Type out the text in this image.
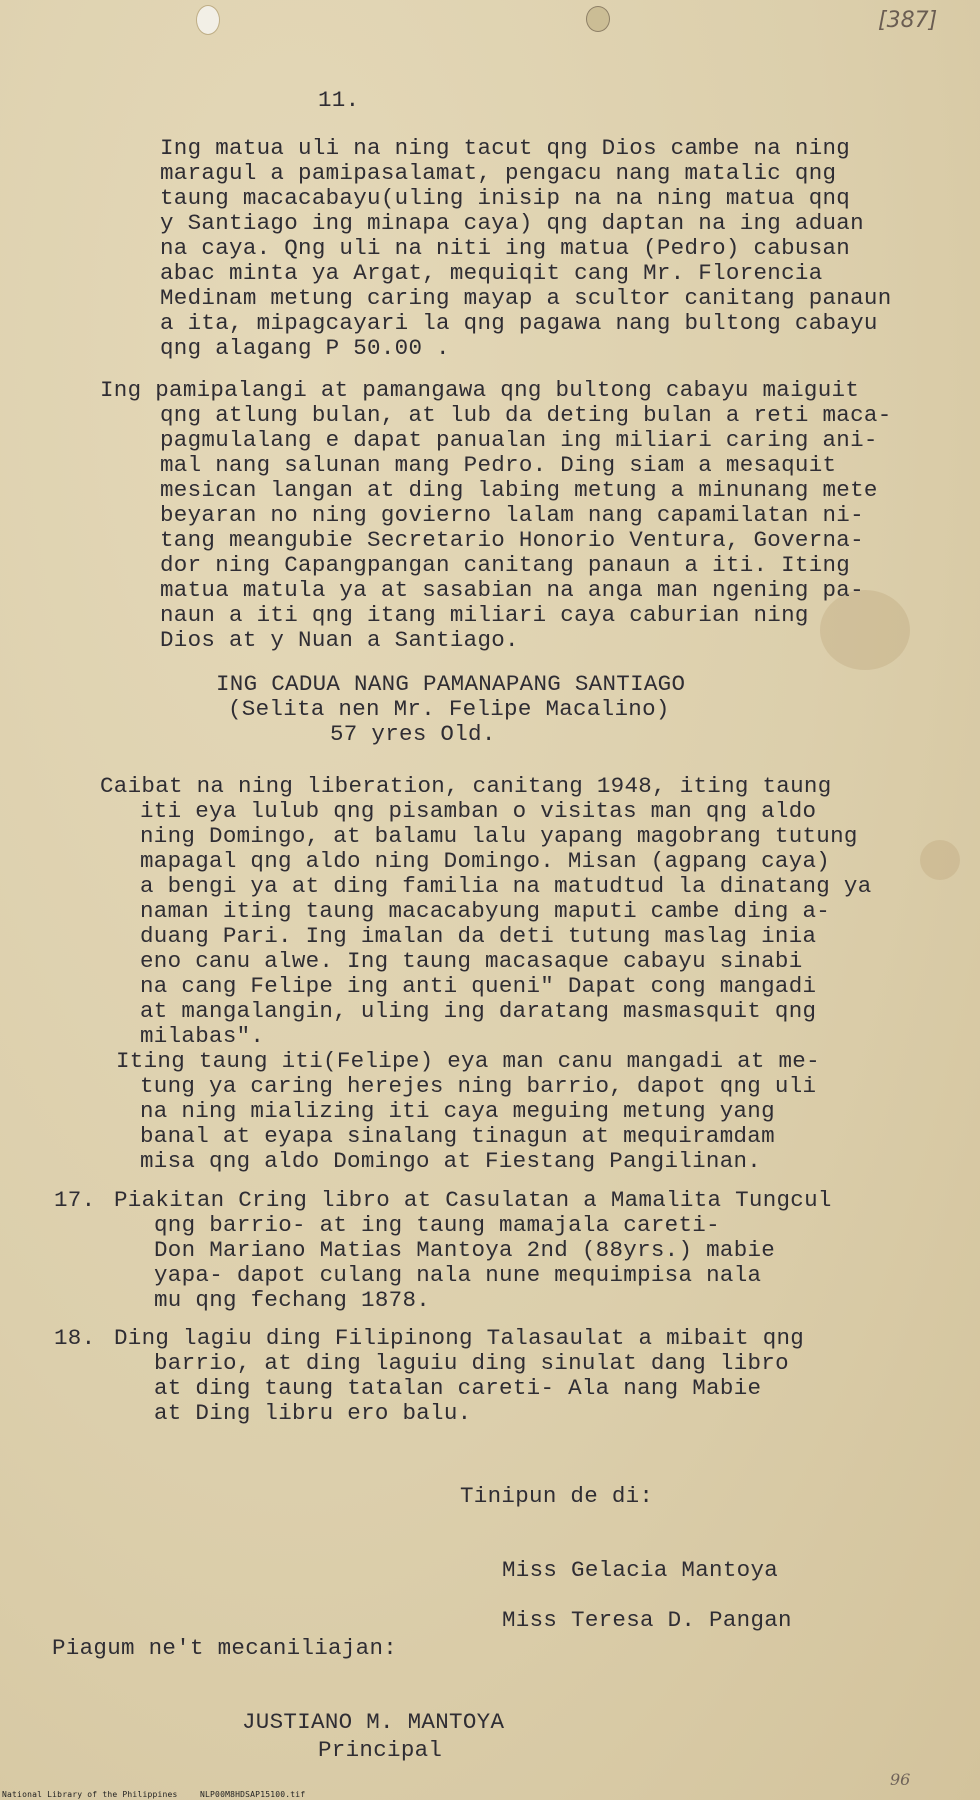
[387]
11.
Ing matua uli na ning tacut qng Dios cambe na ning
maragul a pamipasalamat, pengacu nang matalic qng
taung macacabayu(uling inisip na na ning matua qnq
y Santiago ing minapa caya) qng daptan na ing aduan
na caya. Qng uli na niti ing matua (Pedro) cabusan
abac minta ya Argat, mequiqit cang Mr. Florencia
Medinam metung caring mayap a scultor canitang panaun
a ita, mipagcayari la qng pagawa nang bultong cabayu
qng alagang P 50.00 .
Ing pamipalangi at pamangawa qng bultong cabayu maiguit
qng atlung bulan, at lub da deting bulan a reti maca-
pagmulalang e dapat panualan ing miliari caring ani-
mal nang salunan mang Pedro. Ding siam a mesaquit
mesican langan at ding labing metung a minunang mete
beyaran no ning govierno lalam nang capamilatan ni-
tang meangubie Secretario Honorio Ventura, Governa-
dor ning Capangpangan canitang panaun a iti. Iting
matua matula ya at sasabian na anga man ngening pa-
naun a iti qng itang miliari caya caburian ning
Dios at y Nuan a Santiago.
ING CADUA NANG PAMANAPANG SANTIAGO
(Selita nen Mr. Felipe Macalino)
57 yres Old.
Caibat na ning liberation, canitang 1948, iting taung
iti eya lulub qng pisamban o visitas man qng aldo
ning Domingo, at balamu lalu yapang magobrang tutung
mapagal qng aldo ning Domingo. Misan (agpang caya)
a bengi ya at ding familia na matudtud la dinatang ya
naman iting taung macacabyung maputi cambe ding a-
duang Pari. Ing imalan da deti tutung maslag inia
eno canu alwe. Ing taung macasaque cabayu sinabi
na cang Felipe ing anti queni" Dapat cong mangadi
at mangalangin, uling ing daratang masmasquit qng
milabas".
Iting taung iti(Felipe) eya man canu mangadi at me-
tung ya caring herejes ning barrio, dapot qng uli
na ning mializing iti caya meguing metung yang
banal at eyapa sinalang tinagun at mequiramdam
misa qng aldo Domingo at Fiestang Pangilinan.
17. Piakitan Cring libro at Casulatan a Mamalita Tungcul
qng barrio- at ing taung mamajala careti-
Don Mariano Matias Mantoya 2nd (88yrs.) mabie
yapa- dapot culang nala nune mequimpisa nala
mu qng fechang 1878.
18. Ding lagiu ding Filipinong Talasaulat a mibait qng
barrio, at ding laguiu ding sinulat dang libro
at ding taung tatalan careti- Ala nang Mabie
at Ding libru ero balu.
Tinipun de di:
Miss Gelacia Mantoya
Miss Teresa D. Pangan
Piagum ne't mecaniliajan:
JUSTIANO M. MANTOYA
Principal
96
National Library of the Philippines	NLP00M8HDSAP15100.tif
